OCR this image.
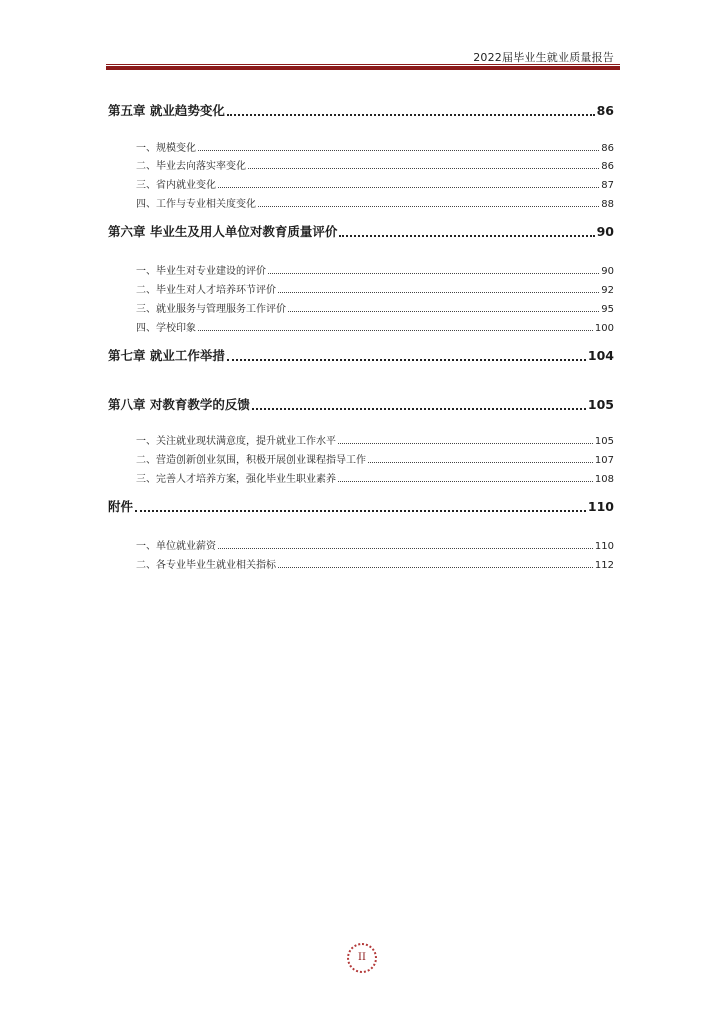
2022届毕业生就业质量报告
第五章 就业趋势变化	86
一、规模变化	86
二、毕业去向落实率变化	86
三、省内就业变化	87
四、工作与专业相关度变化	88
第六章 毕业生及用人单位对教育质量评价	90
一、毕业生对专业建设的评价	90
二、毕业生对人才培养环节评价	92
三、就业服务与管理服务工作评价	95
四、学校印象	100
第七章 就业工作举措	104
第八章 对教育教学的反馈	105
一、关注就业现状满意度，提升就业工作水平	105
二、营造创新创业氛围，积极开展创业课程指导工作	107
三、完善人才培养方案，强化毕业生职业素养	108
附件	110
一、单位就业薪资	110
二、各专业毕业生就业相关指标	112
II
